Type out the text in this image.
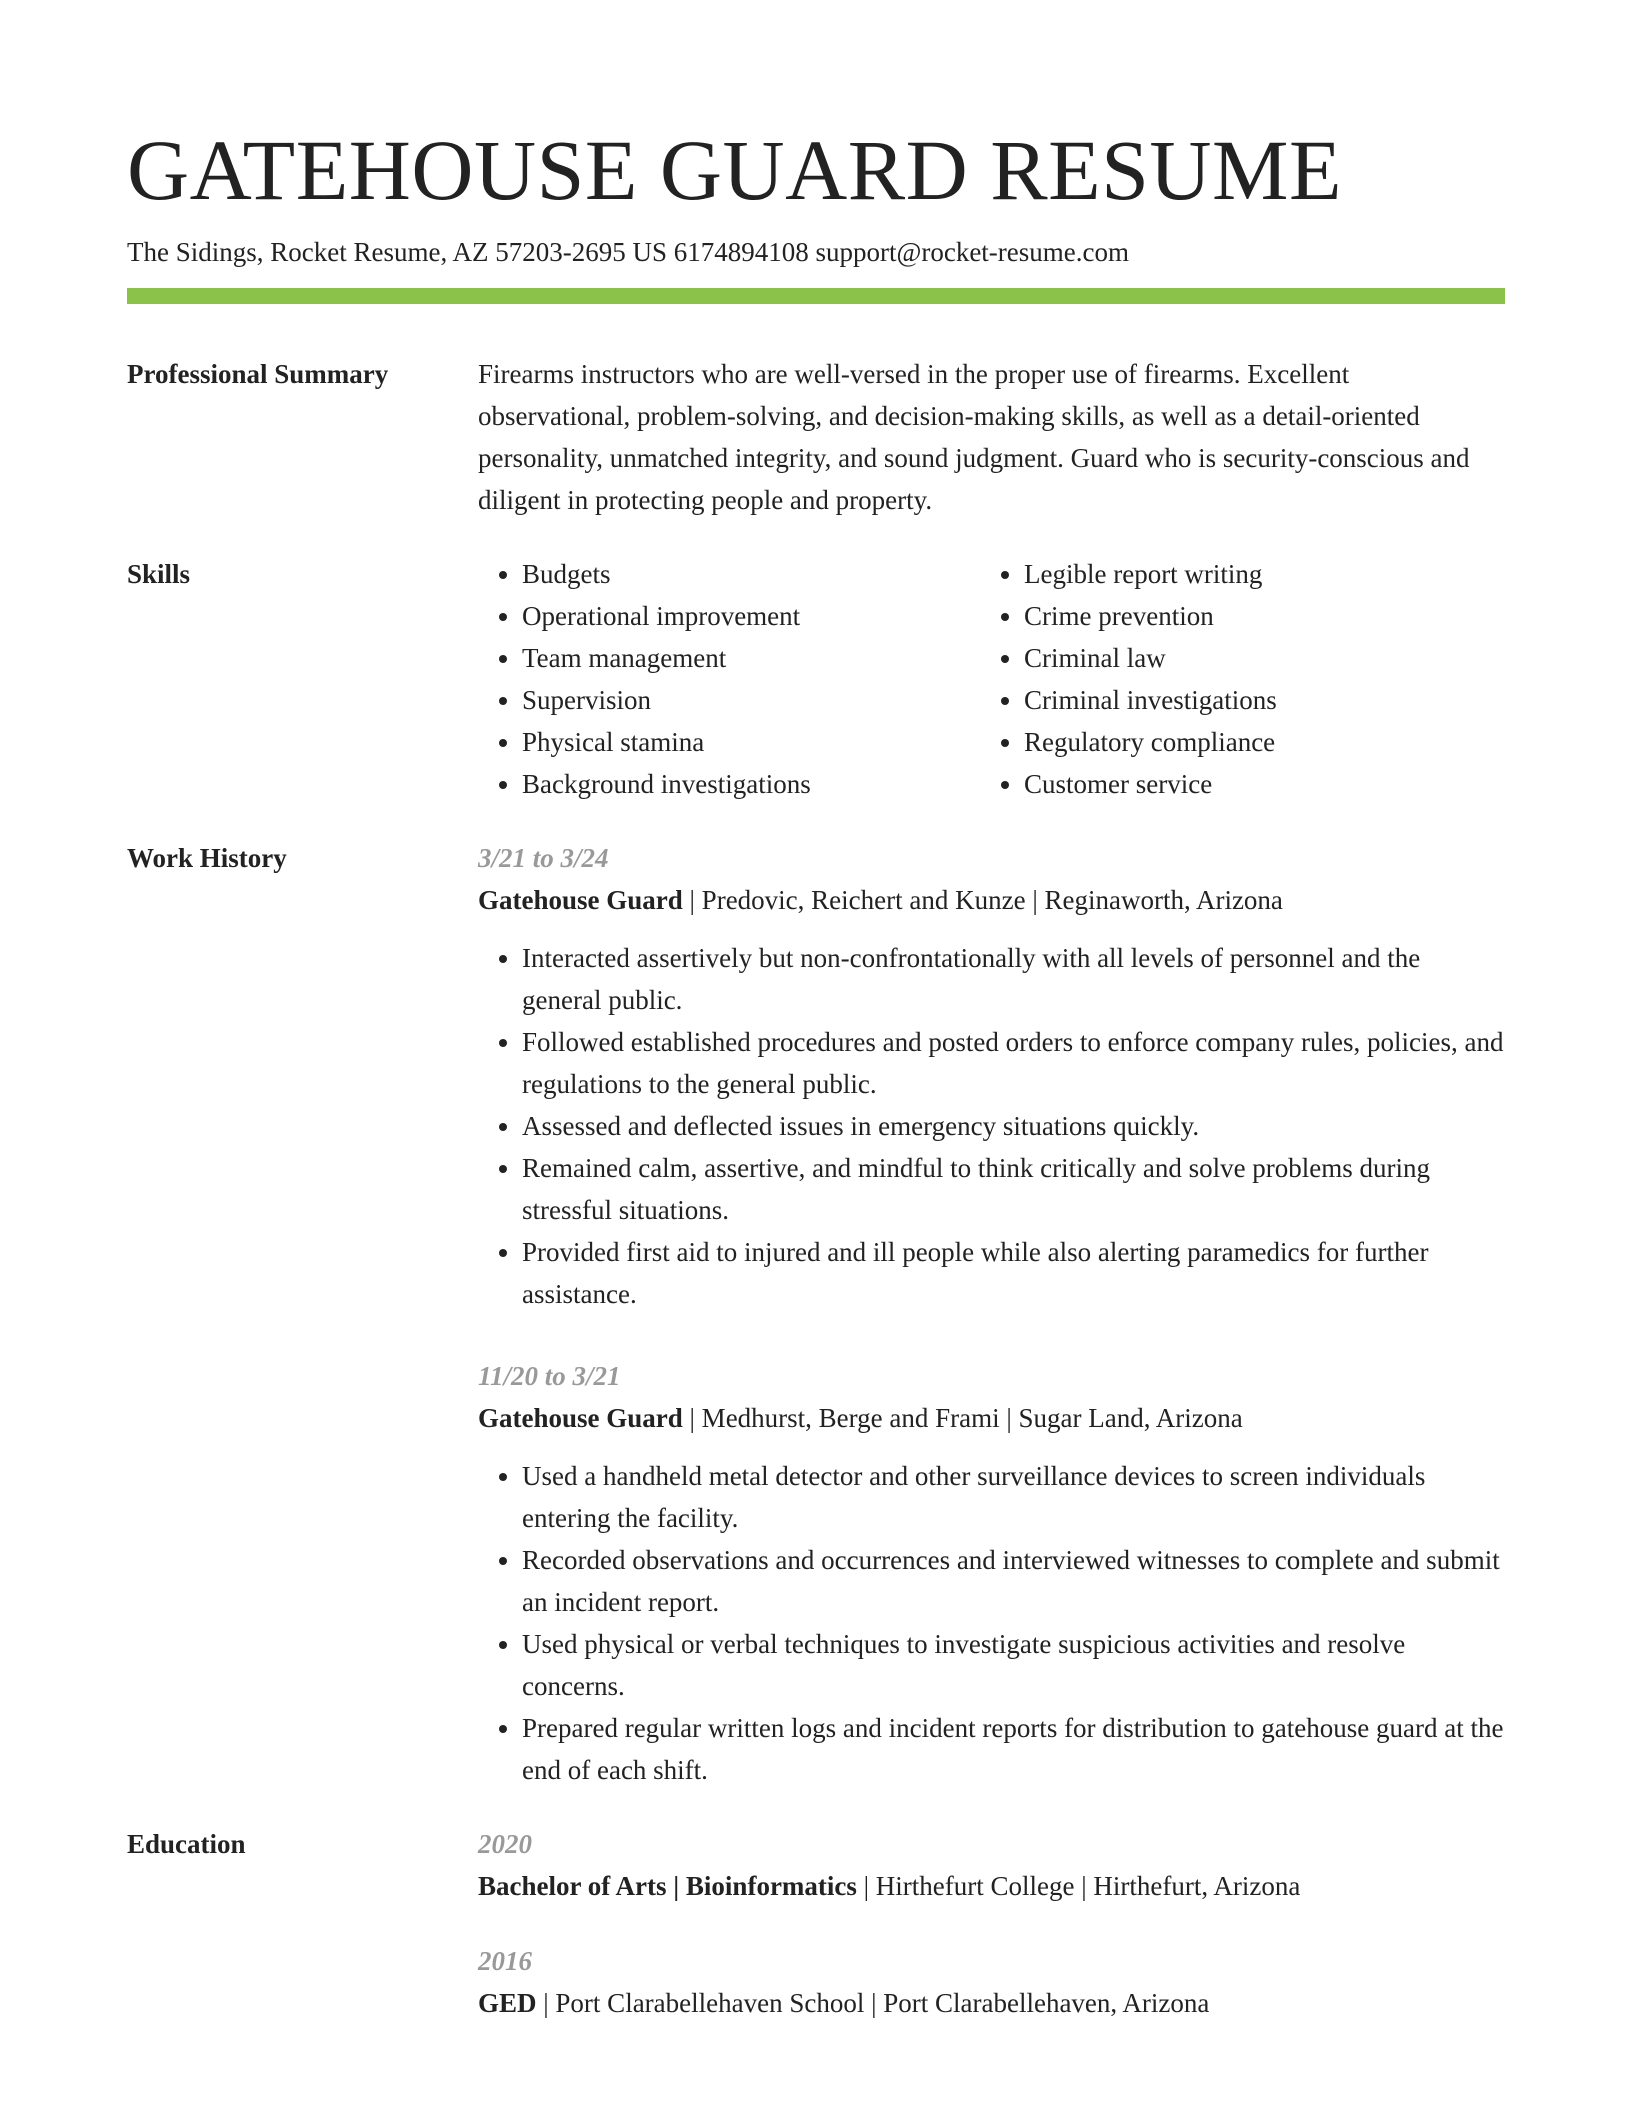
GATEHOUSE GUARD RESUME
The Sidings, Rocket Resume, AZ 57203-2695 US 6174894108 support@rocket-resume.com
Professional Summary	Firearms instructors who are well-versed in the proper use of firearms. Excellent observational, problem-solving, and decision-making skills, as well as a detail-oriented personality, unmatched integrity, and sound judgment. Guard who is security-conscious and diligent in protecting people and property.
Skills
•	Budgets
• Operational improvement
• Team management
• Supervision
• Physical stamina
• Background investigations
• Legible report writing
• Crime prevention
• Criminal law
• Criminal investigations
• Regulatory compliance
• Customer service
Work History	3/21 to 3/24
Gatehouse Guard | Predovic, Reichert and Kunze | Reginaworth, Arizona
• Interacted assertively but non-confrontationally with all levels of personnel and the general public.
• Followed established procedures and posted orders to enforce company rules, policies, and regulations to the general public.
• Assessed and deflected issues in emergency situations quickly.
• Remained calm, assertive, and mindful to think critically and solve problems during stressful situations.
• Provided first aid to injured and ill people while also alerting paramedics for further assistance.
11/20 to 3/21
Gatehouse Guard | Medhurst, Berge and Frami | Sugar Land, Arizona
• Used a handheld metal detector and other surveillance devices to screen individuals entering the facility.
• Recorded observations and occurrences and interviewed witnesses to complete and submit an incident report.
• Used physical or verbal techniques to investigate suspicious activities and resolve concerns.
• Prepared regular written logs and incident reports for distribution to gatehouse guard at the end of each shift.
Education	2020
Bachelor of Arts | Bioinformatics | Hirthefurt College | Hirthefurt, Arizona
2016
GED | Port Clarabellehaven School | Port Clarabellehaven, Arizona
